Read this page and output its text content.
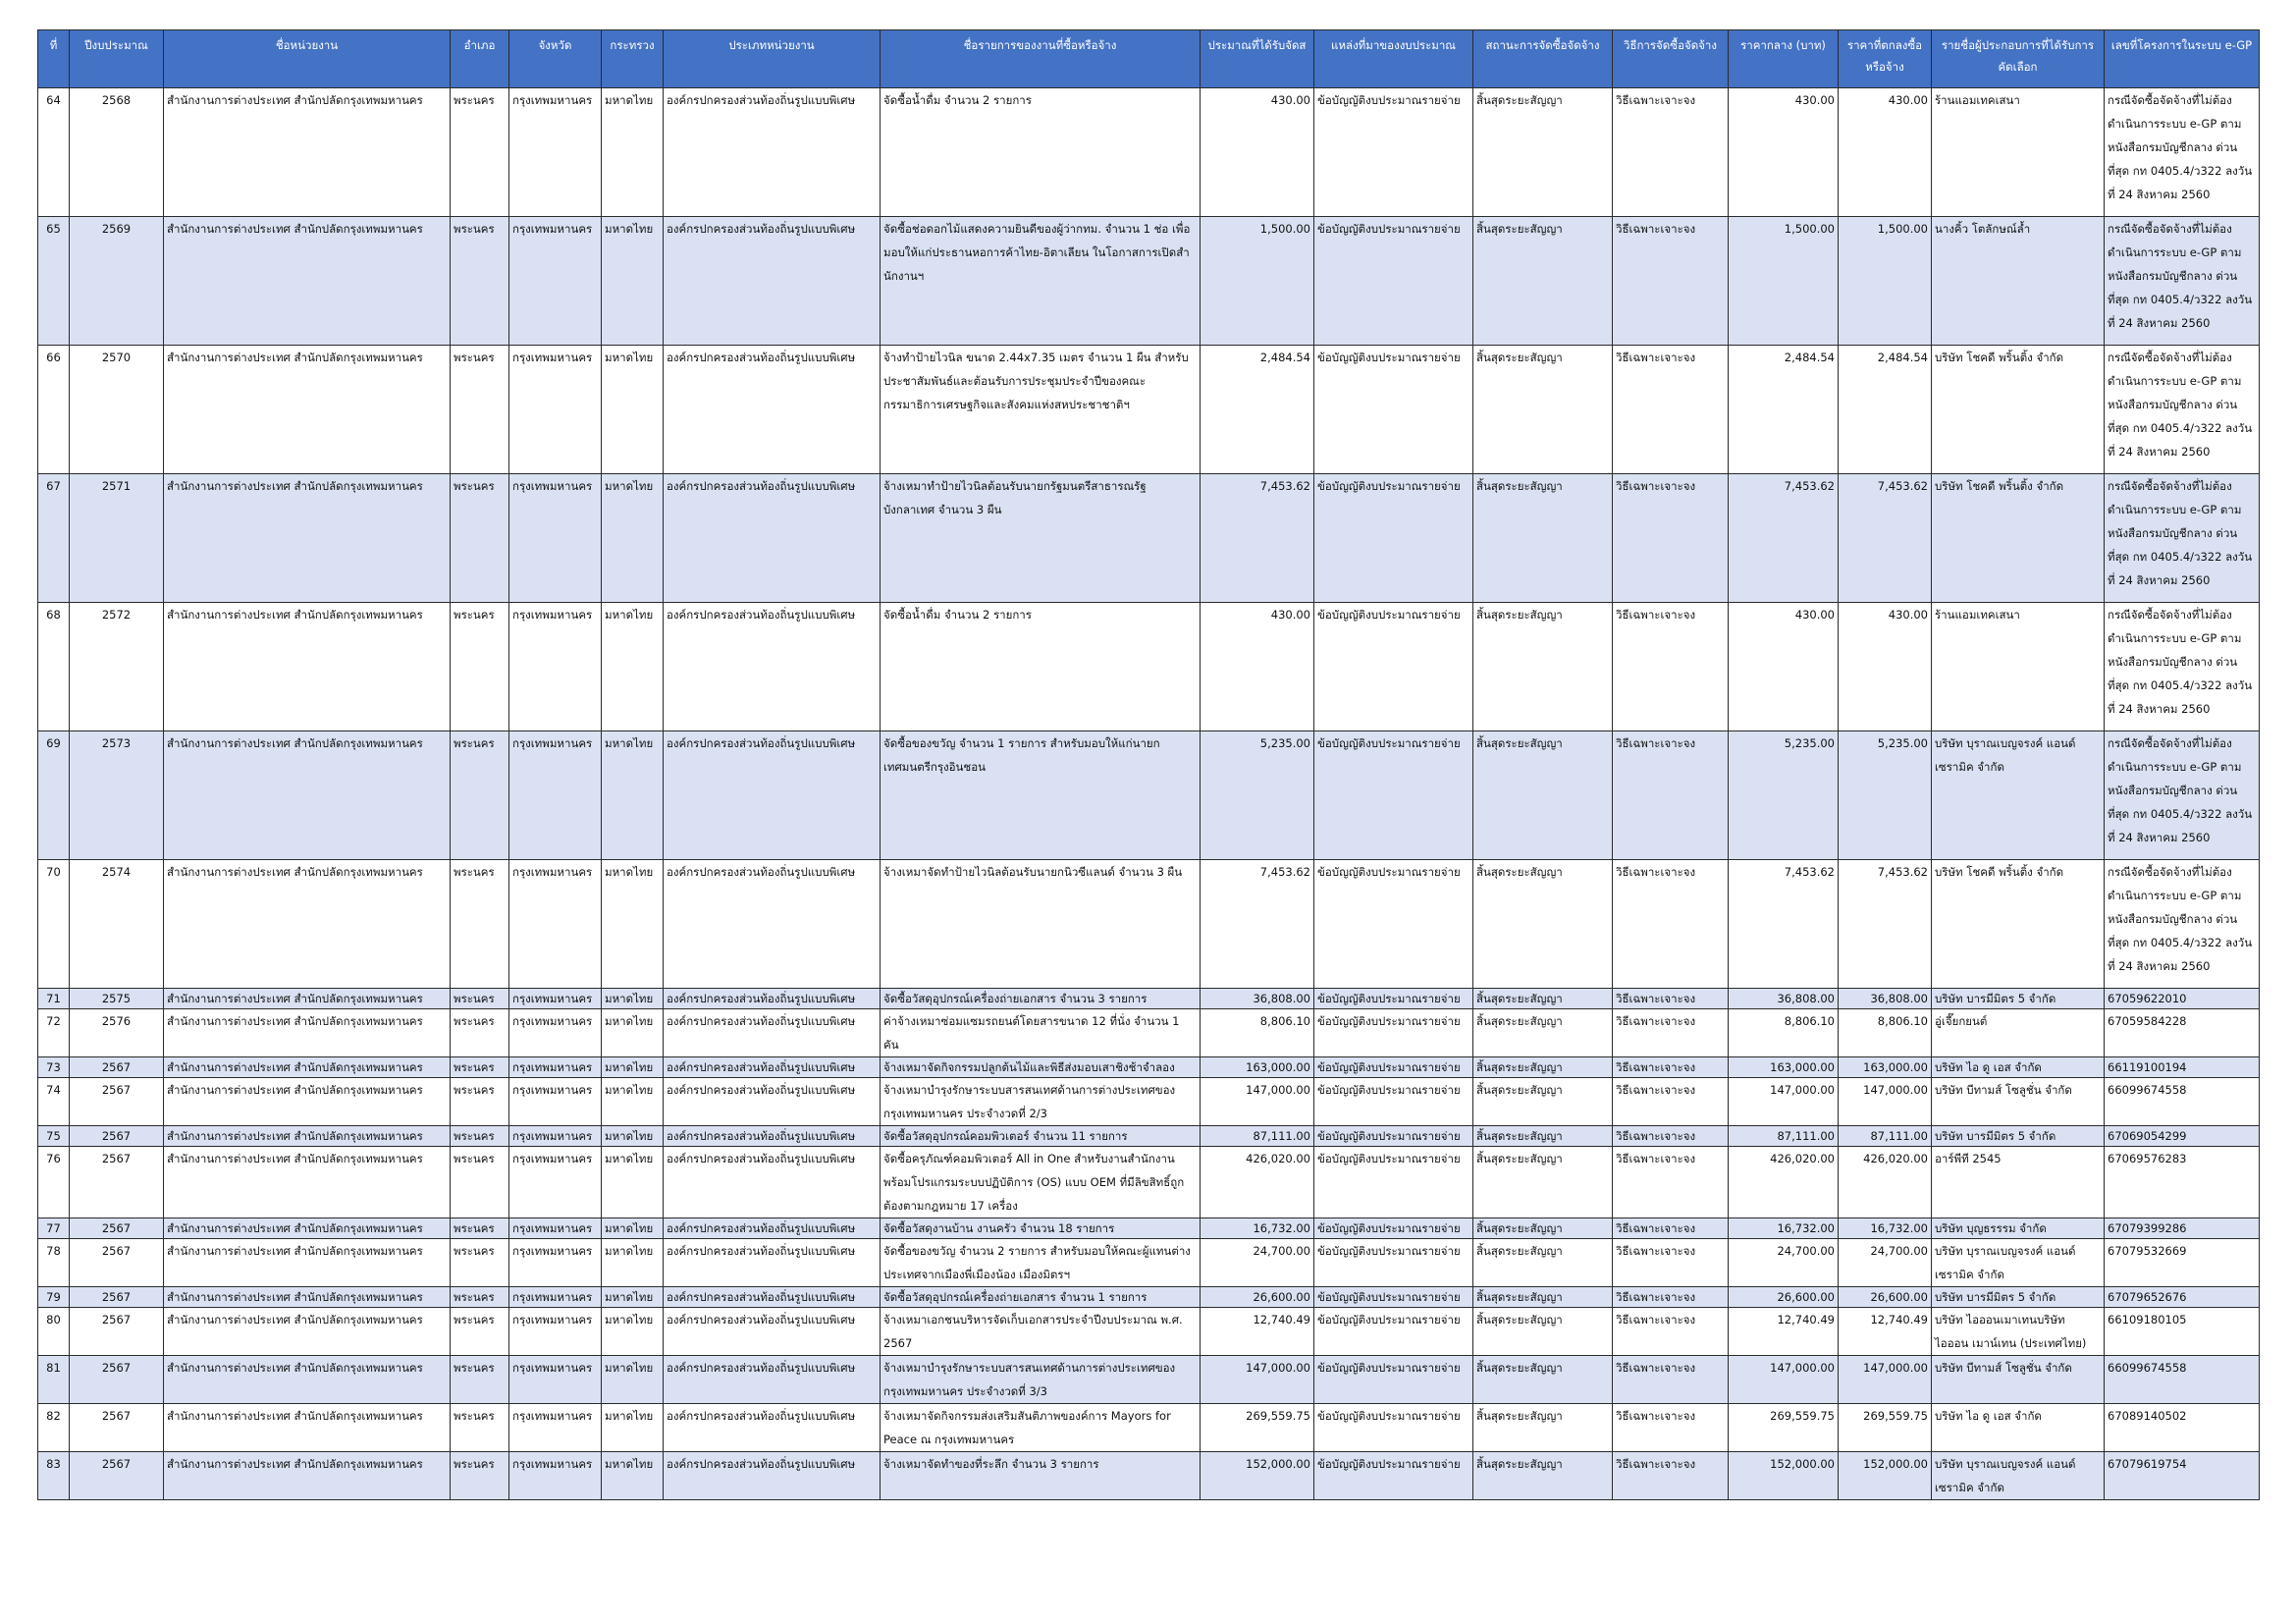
ที่	ปีงบประมาณ	ชื่อหน่วยงาน	อำเภอ	จังหวัด	กระทรวง	ประเภทหน่วยงาน	ชื่อรายการของงานที่ซื้อหรือจ้าง	ประมาณที่ได้รับจัดส	แหล่งที่มาของงบประมาณ	สถานะการจัดซื้อจัดจ้าง	วิธีการจัดซื้อจัดจ้าง	ราคากลาง (บาท)	ราคาที่ตกลงซื้อหรือจ้าง	รายชื่อผู้ประกอบการที่ได้รับการคัดเลือก	เลขที่โครงการในระบบ e-GP
64	2568	สำนักงานการต่างประเทศ สำนักปลัดกรุงเทพมหานคร	พระนคร	กรุงเทพมหานคร	มหาดไทย	องค์กรปกครองส่วนท้องถิ่นรูปแบบพิเศษ	จัดซื้อน้ำดื่ม จำนวน 2 รายการ	430.00	ข้อบัญญัติงบประมาณรายจ่าย	สิ้นสุดระยะสัญญา	วิธีเฉพาะเจาะจง	430.00	430.00	ร้านแอมเทคเสนา	กรณีจัดซื้อจัดจ้างที่ไม่ต้องดำเนินการระบบ e-GP ตามหนังสือกรมบัญชีกลาง ด่วนที่สุด กท 0405.4/ว322 ลงวันที่ 24 สิงหาคม 2560
65	2569	สำนักงานการต่างประเทศ สำนักปลัดกรุงเทพมหานคร	พระนคร	กรุงเทพมหานคร	มหาดไทย	องค์กรปกครองส่วนท้องถิ่นรูปแบบพิเศษ	จัดซื้อช่อดอกไม้แสดงความยินดีของผู้ว่ากทม. จำนวน 1 ช่อ เพื่อมอบให้แก่ประธานหอการค้าไทย-อิตาเลียน ในโอกาสการเปิดสำนักงานฯ	1,500.00	ข้อบัญญัติงบประมาณรายจ่าย	สิ้นสุดระยะสัญญา	วิธีเฉพาะเจาะจง	1,500.00	1,500.00	นางคิ้ว โตลักษณ์ล้ำ	กรณีจัดซื้อจัดจ้างที่ไม่ต้องดำเนินการระบบ e-GP ตามหนังสือกรมบัญชีกลาง ด่วนที่สุด กท 0405.4/ว322 ลงวันที่ 24 สิงหาคม 2560
66	2570	สำนักงานการต่างประเทศ สำนักปลัดกรุงเทพมหานคร	พระนคร	กรุงเทพมหานคร	มหาดไทย	องค์กรปกครองส่วนท้องถิ่นรูปแบบพิเศษ	จ้างทำป้ายไวนิล ขนาด 2.44x7.35 เมตร จำนวน 1 ผืน สำหรับประชาสัมพันธ์และต้อนรับการประชุมประจำปีของคณะกรรมาธิการเศรษฐกิจและสังคมแห่งสหประชาชาติฯ	2,484.54	ข้อบัญญัติงบประมาณรายจ่าย	สิ้นสุดระยะสัญญา	วิธีเฉพาะเจาะจง	2,484.54	2,484.54	บริษัท โชคดี พริ้นติ้ง จำกัด	กรณีจัดซื้อจัดจ้างที่ไม่ต้องดำเนินการระบบ e-GP ตามหนังสือกรมบัญชีกลาง ด่วนที่สุด กท 0405.4/ว322 ลงวันที่ 24 สิงหาคม 2560
67	2571	สำนักงานการต่างประเทศ สำนักปลัดกรุงเทพมหานคร	พระนคร	กรุงเทพมหานคร	มหาดไทย	องค์กรปกครองส่วนท้องถิ่นรูปแบบพิเศษ	จ้างเหมาทำป้ายไวนิลต้อนรับนายกรัฐมนตรีสาธารณรัฐบังกลาเทศ จำนวน 3 ผืน	7,453.62	ข้อบัญญัติงบประมาณรายจ่าย	สิ้นสุดระยะสัญญา	วิธีเฉพาะเจาะจง	7,453.62	7,453.62	บริษัท โชคดี พริ้นติ้ง จำกัด	กรณีจัดซื้อจัดจ้างที่ไม่ต้องดำเนินการระบบ e-GP ตามหนังสือกรมบัญชีกลาง ด่วนที่สุด กท 0405.4/ว322 ลงวันที่ 24 สิงหาคม 2560
68	2572	สำนักงานการต่างประเทศ สำนักปลัดกรุงเทพมหานคร	พระนคร	กรุงเทพมหานคร	มหาดไทย	องค์กรปกครองส่วนท้องถิ่นรูปแบบพิเศษ	จัดซื้อน้ำดื่ม จำนวน 2 รายการ	430.00	ข้อบัญญัติงบประมาณรายจ่าย	สิ้นสุดระยะสัญญา	วิธีเฉพาะเจาะจง	430.00	430.00	ร้านแอมเทคเสนา	กรณีจัดซื้อจัดจ้างที่ไม่ต้องดำเนินการระบบ e-GP ตามหนังสือกรมบัญชีกลาง ด่วนที่สุด กท 0405.4/ว322 ลงวันที่ 24 สิงหาคม 2560
69	2573	สำนักงานการต่างประเทศ สำนักปลัดกรุงเทพมหานคร	พระนคร	กรุงเทพมหานคร	มหาดไทย	องค์กรปกครองส่วนท้องถิ่นรูปแบบพิเศษ	จัดซื้อของขวัญ จำนวน 1 รายการ สำหรับมอบให้แก่นายกเทศมนตรีกรุงอินชอน	5,235.00	ข้อบัญญัติงบประมาณรายจ่าย	สิ้นสุดระยะสัญญา	วิธีเฉพาะเจาะจง	5,235.00	5,235.00	บริษัท บุราณเบญจรงค์ แอนด์ เซรามิค จำกัด	กรณีจัดซื้อจัดจ้างที่ไม่ต้องดำเนินการระบบ e-GP ตามหนังสือกรมบัญชีกลาง ด่วนที่สุด กท 0405.4/ว322 ลงวันที่ 24 สิงหาคม 2560
70	2574	สำนักงานการต่างประเทศ สำนักปลัดกรุงเทพมหานคร	พระนคร	กรุงเทพมหานคร	มหาดไทย	องค์กรปกครองส่วนท้องถิ่นรูปแบบพิเศษ	จ้างเหมาจัดทำป้ายไวนิลต้อนรับนายกนิวซีแลนด์ จำนวน 3 ผืน	7,453.62	ข้อบัญญัติงบประมาณรายจ่าย	สิ้นสุดระยะสัญญา	วิธีเฉพาะเจาะจง	7,453.62	7,453.62	บริษัท โชคดี พริ้นติ้ง จำกัด	กรณีจัดซื้อจัดจ้างที่ไม่ต้องดำเนินการระบบ e-GP ตามหนังสือกรมบัญชีกลาง ด่วนที่สุด กท 0405.4/ว322 ลงวันที่ 24 สิงหาคม 2560
71	2575	สำนักงานการต่างประเทศ สำนักปลัดกรุงเทพมหานคร	พระนคร	กรุงเทพมหานคร	มหาดไทย	องค์กรปกครองส่วนท้องถิ่นรูปแบบพิเศษ	จัดซื้อวัสดุอุปกรณ์เครื่องถ่ายเอกสาร จำนวน 3 รายการ	36,808.00	ข้อบัญญัติงบประมาณรายจ่าย	สิ้นสุดระยะสัญญา	วิธีเฉพาะเจาะจง	36,808.00	36,808.00	บริษัท บารมีมิตร 5 จำกัด	67059622010
72	2576	สำนักงานการต่างประเทศ สำนักปลัดกรุงเทพมหานคร	พระนคร	กรุงเทพมหานคร	มหาดไทย	องค์กรปกครองส่วนท้องถิ่นรูปแบบพิเศษ	ค่าจ้างเหมาซ่อมแซมรถยนต์โดยสารขนาด 12 ที่นั่ง จำนวน 1 คัน	8,806.10	ข้อบัญญัติงบประมาณรายจ่าย	สิ้นสุดระยะสัญญา	วิธีเฉพาะเจาะจง	8,806.10	8,806.10	อู่เจี๊ยกยนต์	67059584228
73	2567	สำนักงานการต่างประเทศ สำนักปลัดกรุงเทพมหานคร	พระนคร	กรุงเทพมหานคร	มหาดไทย	องค์กรปกครองส่วนท้องถิ่นรูปแบบพิเศษ	จ้างเหมาจัดกิจกรรมปลูกต้นไม้และพิธีส่งมอบเสาชิงช้าจำลอง	163,000.00	ข้อบัญญัติงบประมาณรายจ่าย	สิ้นสุดระยะสัญญา	วิธีเฉพาะเจาะจง	163,000.00	163,000.00	บริษัท ไอ ดู เอส จำกัด	66119100194
74	2567	สำนักงานการต่างประเทศ สำนักปลัดกรุงเทพมหานคร	พระนคร	กรุงเทพมหานคร	มหาดไทย	องค์กรปกครองส่วนท้องถิ่นรูปแบบพิเศษ	จ้างเหมาบำรุงรักษาระบบสารสนเทศด้านการต่างประเทศของกรุงเทพมหานคร ประจำงวดที่ 2/3	147,000.00	ข้อบัญญัติงบประมาณรายจ่าย	สิ้นสุดระยะสัญญา	วิธีเฉพาะเจาะจง	147,000.00	147,000.00	บริษัท บีทามส์ โซลูชั่น จำกัด	66099674558
75	2567	สำนักงานการต่างประเทศ สำนักปลัดกรุงเทพมหานคร	พระนคร	กรุงเทพมหานคร	มหาดไทย	องค์กรปกครองส่วนท้องถิ่นรูปแบบพิเศษ	จัดซื้อวัสดุอุปกรณ์คอมพิวเตอร์ จำนวน 11 รายการ	87,111.00	ข้อบัญญัติงบประมาณรายจ่าย	สิ้นสุดระยะสัญญา	วิธีเฉพาะเจาะจง	87,111.00	87,111.00	บริษัท บารมีมิตร 5 จำกัด	67069054299
76	2567	สำนักงานการต่างประเทศ สำนักปลัดกรุงเทพมหานคร	พระนคร	กรุงเทพมหานคร	มหาดไทย	องค์กรปกครองส่วนท้องถิ่นรูปแบบพิเศษ	จัดซื้อครุภัณฑ์คอมพิวเตอร์ All in One สำหรับงานสำนักงานพร้อมโปรแกรมระบบปฏิบัติการ (OS) แบบ OEM ที่มีลิขสิทธิ์ถูกต้องตามกฎหมาย 17 เครื่อง	426,020.00	ข้อบัญญัติงบประมาณรายจ่าย	สิ้นสุดระยะสัญญา	วิธีเฉพาะเจาะจง	426,020.00	426,020.00	อาร์พีที 2545	67069576283
77	2567	สำนักงานการต่างประเทศ สำนักปลัดกรุงเทพมหานคร	พระนคร	กรุงเทพมหานคร	มหาดไทย	องค์กรปกครองส่วนท้องถิ่นรูปแบบพิเศษ	จัดซื้อวัสดุงานบ้าน งานครัว จำนวน 18 รายการ	16,732.00	ข้อบัญญัติงบประมาณรายจ่าย	สิ้นสุดระยะสัญญา	วิธีเฉพาะเจาะจง	16,732.00	16,732.00	บริษัท บุญธรรรม จำกัด	67079399286
78	2567	สำนักงานการต่างประเทศ สำนักปลัดกรุงเทพมหานคร	พระนคร	กรุงเทพมหานคร	มหาดไทย	องค์กรปกครองส่วนท้องถิ่นรูปแบบพิเศษ	จัดซื้อของขวัญ จำนวน 2 รายการ สำหรับมอบให้คณะผู้แทนต่างประเทศจากเมืองพี่เมืองน้อง เมืองมิตรฯ	24,700.00	ข้อบัญญัติงบประมาณรายจ่าย	สิ้นสุดระยะสัญญา	วิธีเฉพาะเจาะจง	24,700.00	24,700.00	บริษัท บุราณเบญจรงค์ แอนด์ เซรามิค จำกัด	67079532669
79	2567	สำนักงานการต่างประเทศ สำนักปลัดกรุงเทพมหานคร	พระนคร	กรุงเทพมหานคร	มหาดไทย	องค์กรปกครองส่วนท้องถิ่นรูปแบบพิเศษ	จัดซื้อวัสดุอุปกรณ์เครื่องถ่ายเอกสาร จำนวน 1 รายการ	26,600.00	ข้อบัญญัติงบประมาณรายจ่าย	สิ้นสุดระยะสัญญา	วิธีเฉพาะเจาะจง	26,600.00	26,600.00	บริษัท บารมีมิตร 5 จำกัด	67079652676
80	2567	สำนักงานการต่างประเทศ สำนักปลัดกรุงเทพมหานคร	พระนคร	กรุงเทพมหานคร	มหาดไทย	องค์กรปกครองส่วนท้องถิ่นรูปแบบพิเศษ	จ้างเหมาเอกชนบริหารจัดเก็บเอกสารประจำปีงบประมาณ พ.ศ. 2567	12,740.49	ข้อบัญญัติงบประมาณรายจ่าย	สิ้นสุดระยะสัญญา	วิธีเฉพาะเจาะจง	12,740.49	12,740.49	บริษัท ไอออนเมาเทนบริษัท ไอออน เมาน์เทน (ประเทศไทย)	66109180105
81	2567	สำนักงานการต่างประเทศ สำนักปลัดกรุงเทพมหานคร	พระนคร	กรุงเทพมหานคร	มหาดไทย	องค์กรปกครองส่วนท้องถิ่นรูปแบบพิเศษ	จ้างเหมาบำรุงรักษาระบบสารสนเทศด้านการต่างประเทศของกรุงเทพมหานคร ประจำงวดที่ 3/3	147,000.00	ข้อบัญญัติงบประมาณรายจ่าย	สิ้นสุดระยะสัญญา	วิธีเฉพาะเจาะจง	147,000.00	147,000.00	บริษัท บีทามส์ โซลูชั่น จำกัด	66099674558
82	2567	สำนักงานการต่างประเทศ สำนักปลัดกรุงเทพมหานคร	พระนคร	กรุงเทพมหานคร	มหาดไทย	องค์กรปกครองส่วนท้องถิ่นรูปแบบพิเศษ	จ้างเหมาจัดกิจกรรมส่งเสริมสันติภาพของค์การ Mayors for Peace ณ กรุงเทพมหานคร	269,559.75	ข้อบัญญัติงบประมาณรายจ่าย	สิ้นสุดระยะสัญญา	วิธีเฉพาะเจาะจง	269,559.75	269,559.75	บริษัท ไอ ดู เอส จำกัด	67089140502
83	2567	สำนักงานการต่างประเทศ สำนักปลัดกรุงเทพมหานคร	พระนคร	กรุงเทพมหานคร	มหาดไทย	องค์กรปกครองส่วนท้องถิ่นรูปแบบพิเศษ	จ้างเหมาจัดทำของที่ระลึก จำนวน 3 รายการ	152,000.00	ข้อบัญญัติงบประมาณรายจ่าย	สิ้นสุดระยะสัญญา	วิธีเฉพาะเจาะจง	152,000.00	152,000.00	บริษัท บุราณเบญจรงค์ แอนด์ เซรามิค จำกัด	67079619754
